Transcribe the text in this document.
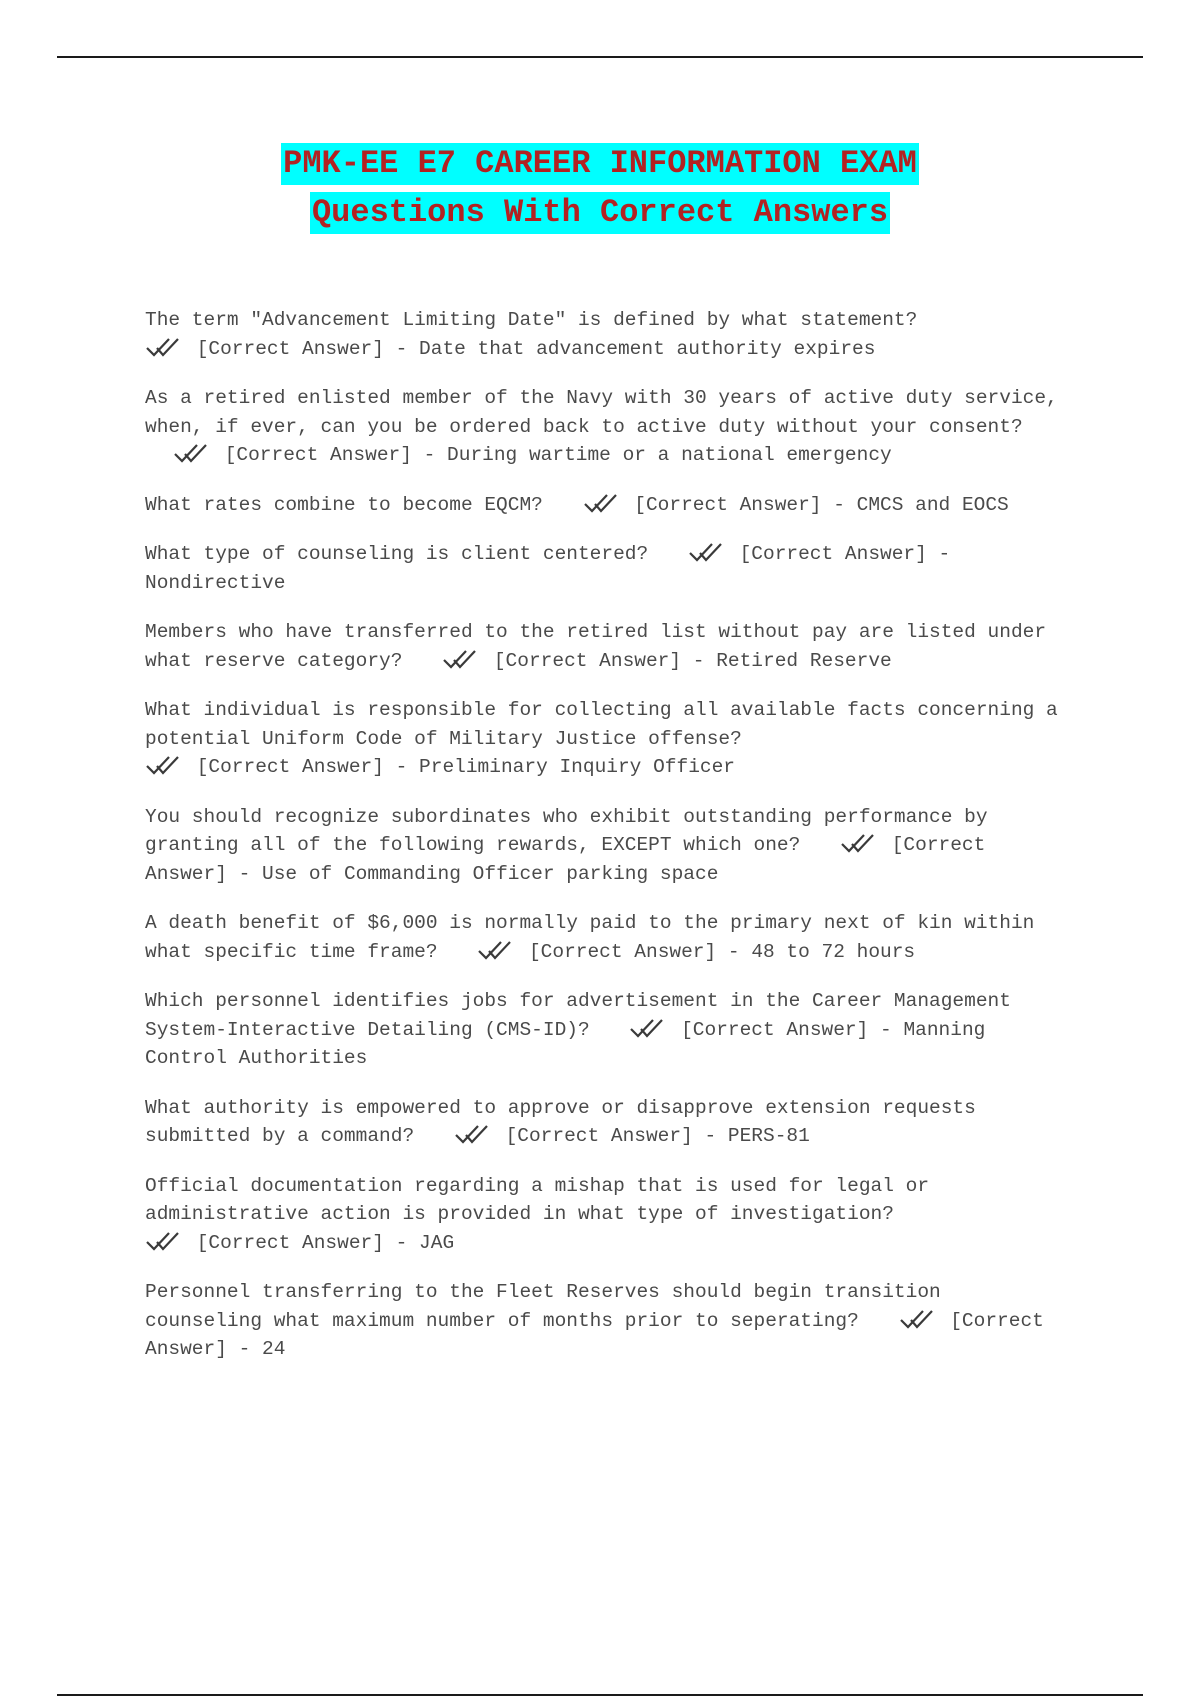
PMK-EE E7 CAREER INFORMATION EXAM
Questions With Correct Answers

The term "Advancement Limiting Date" is defined by what statement?

[Correct Answer] - Date that advancement authority expires

As a retired enlisted member of the Navy with 30 years of active duty service, when, if ever, can you be ordered back to active duty without your consent?
[Correct Answer] - During wartime or a national emergency

What rates combine to become EQCM?	[Correct Answer] - CMCS and EOCS

What type of counseling is client centered?	[Correct Answer] - Nondirective

Members who have transferred to the retired list without pay are listed under what reserve category?	[Correct Answer] - Retired Reserve

What individual is responsible for collecting all available facts concerning a potential Uniform Code of Military Justice offense?

[Correct Answer] - Preliminary Inquiry Officer

You should recognize subordinates who exhibit outstanding performance by granting all of the following rewards, EXCEPT which one?	[Correct Answer] - Use of Commanding Officer parking space

A death benefit of $6,000 is normally paid to the primary next of kin within what specific time frame?	[Correct Answer] - 48 to 72 hours

Which personnel identifies jobs for advertisement in the Career Management System-Interactive Detailing (CMS-ID)?	[Correct Answer] - Manning Control Authorities

What authority is empowered to approve or disapprove extension requests submitted by a command?	[Correct Answer] - PERS-81

Official documentation regarding a mishap that is used for legal or administrative action is provided in what type of investigation?

[Correct Answer] - JAG

Personnel transferring to the Fleet Reserves should begin transition counseling what maximum number of months prior to seperating?	[Correct Answer] - 24
